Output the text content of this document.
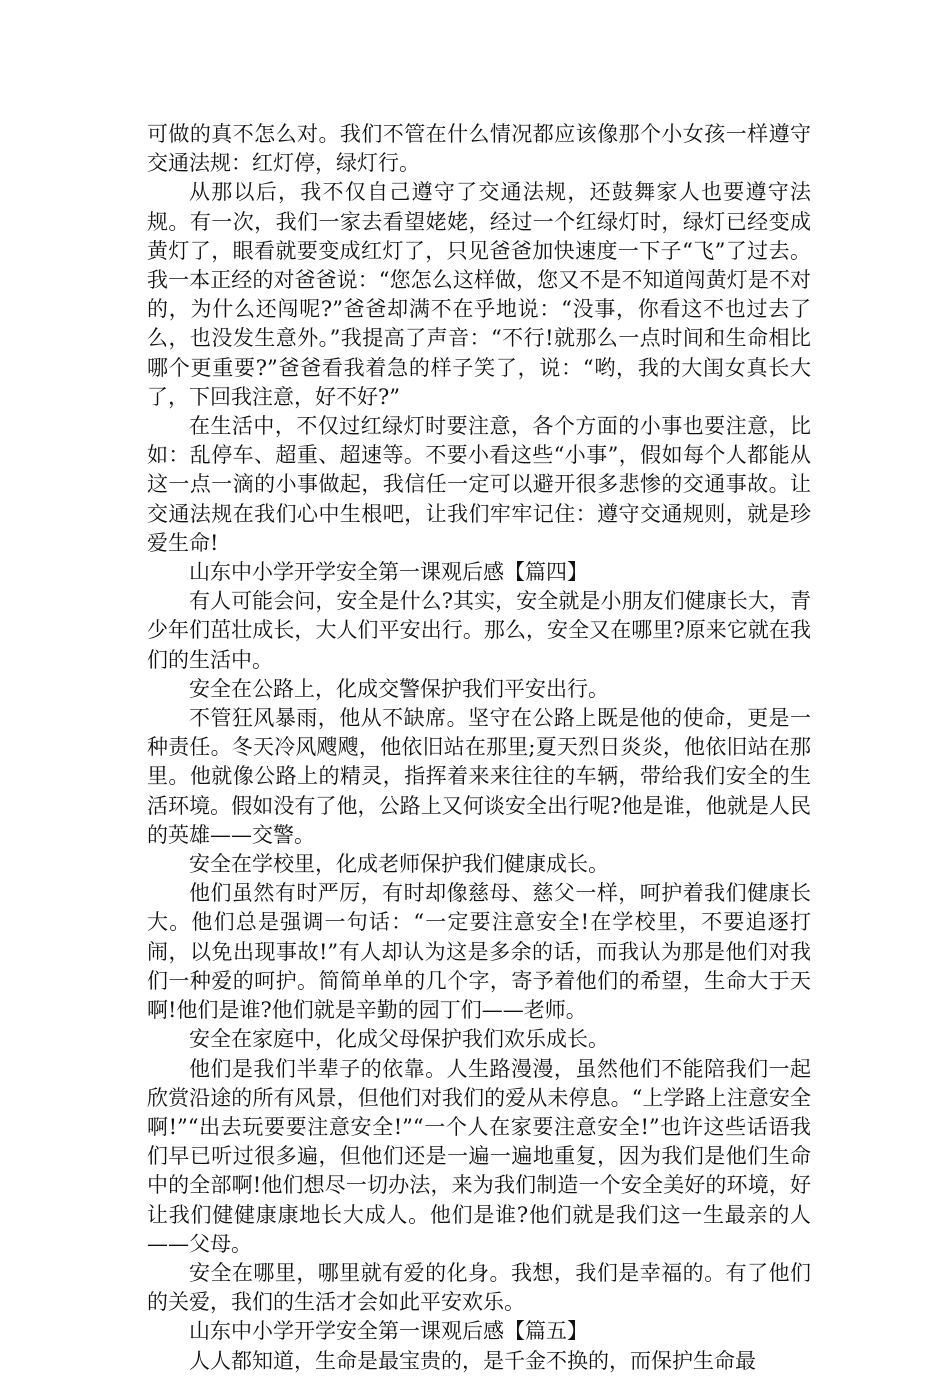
可做的真不怎么对。我们不管在什么情况都应该像那个小女孩一样遵守交通法规：红灯停，绿灯行。

从那以后，我不仅自己遵守了交通法规，还鼓舞家人也要遵守法规。有一次，我们一家去看望姥姥，经过一个红绿灯时，绿灯已经变成黄灯了，眼看就要变成红灯了，只见爸爸加快速度一下子“飞”了过去。我一本正经的对爸爸说：“您怎么这样做，您又不是不知道闯黄灯是不对的，为什么还闯呢?”爸爸却满不在乎地说：“没事，你看这不也过去了么，也没发生意外。”我提高了声音：“不行!就那么一点时间和生命相比哪个更重要?”爸爸看我着急的样子笑了，说：“哟，我的大闺女真长大了，下回我注意，好不好?”

在生活中，不仅过红绿灯时要注意，各个方面的小事也要注意，比如：乱停车、超重、超速等。不要小看这些“小事”，假如每个人都能从这一点一滴的小事做起，我信任一定可以避开很多悲惨的交通事故。让交通法规在我们心中生根吧，让我们牢牢记住：遵守交通规则，就是珍爱生命!

山东中小学开学安全第一课观后感【篇四】

有人可能会问，安全是什么?其实，安全就是小朋友们健康长大，青少年们茁壮成长，大人们平安出行。那么，安全又在哪里?原来它就在我们的生活中。

安全在公路上，化成交警保护我们平安出行。

不管狂风暴雨，他从不缺席。坚守在公路上既是他的使命，更是一种责任。冬天冷风飕飕，他依旧站在那里;夏天烈日炎炎，他依旧站在那里。他就像公路上的精灵，指挥着来来往往的车辆，带给我们安全的生活环境。假如没有了他，公路上又何谈安全出行呢?他是谁，他就是人民的英雄——交警。

安全在学校里，化成老师保护我们健康成长。

他们虽然有时严厉，有时却像慈母、慈父一样，呵护着我们健康长大。他们总是强调一句话：“一定要注意安全!在学校里，不要追逐打闹，以免出现事故!”有人却认为这是多余的话，而我认为那是他们对我们一种爱的呵护。简简单单的几个字，寄予着他们的希望，生命大于天啊!他们是谁?他们就是辛勤的园丁们——老师。

安全在家庭中，化成父母保护我们欢乐成长。

他们是我们半辈子的依靠。人生路漫漫，虽然他们不能陪我们一起欣赏沿途的所有风景，但他们对我们的爱从未停息。“上学路上注意安全啊!”“出去玩要要注意安全!”“一个人在家要注意安全!”也许这些话语我们早已听过很多遍，但他们还是一遍一遍地重复，因为我们是他们生命中的全部啊!他们想尽一切办法，来为我们制造一个安全美好的环境，好让我们健健康康地长大成人。他们是谁?他们就是我们这一生最亲的人——父母。

安全在哪里，哪里就有爱的化身。我想，我们是幸福的。有了他们的关爱，我们的生活才会如此平安欢乐。

山东中小学开学安全第一课观后感【篇五】

人人都知道，生命是最宝贵的，是千金不换的，而保护生命最
